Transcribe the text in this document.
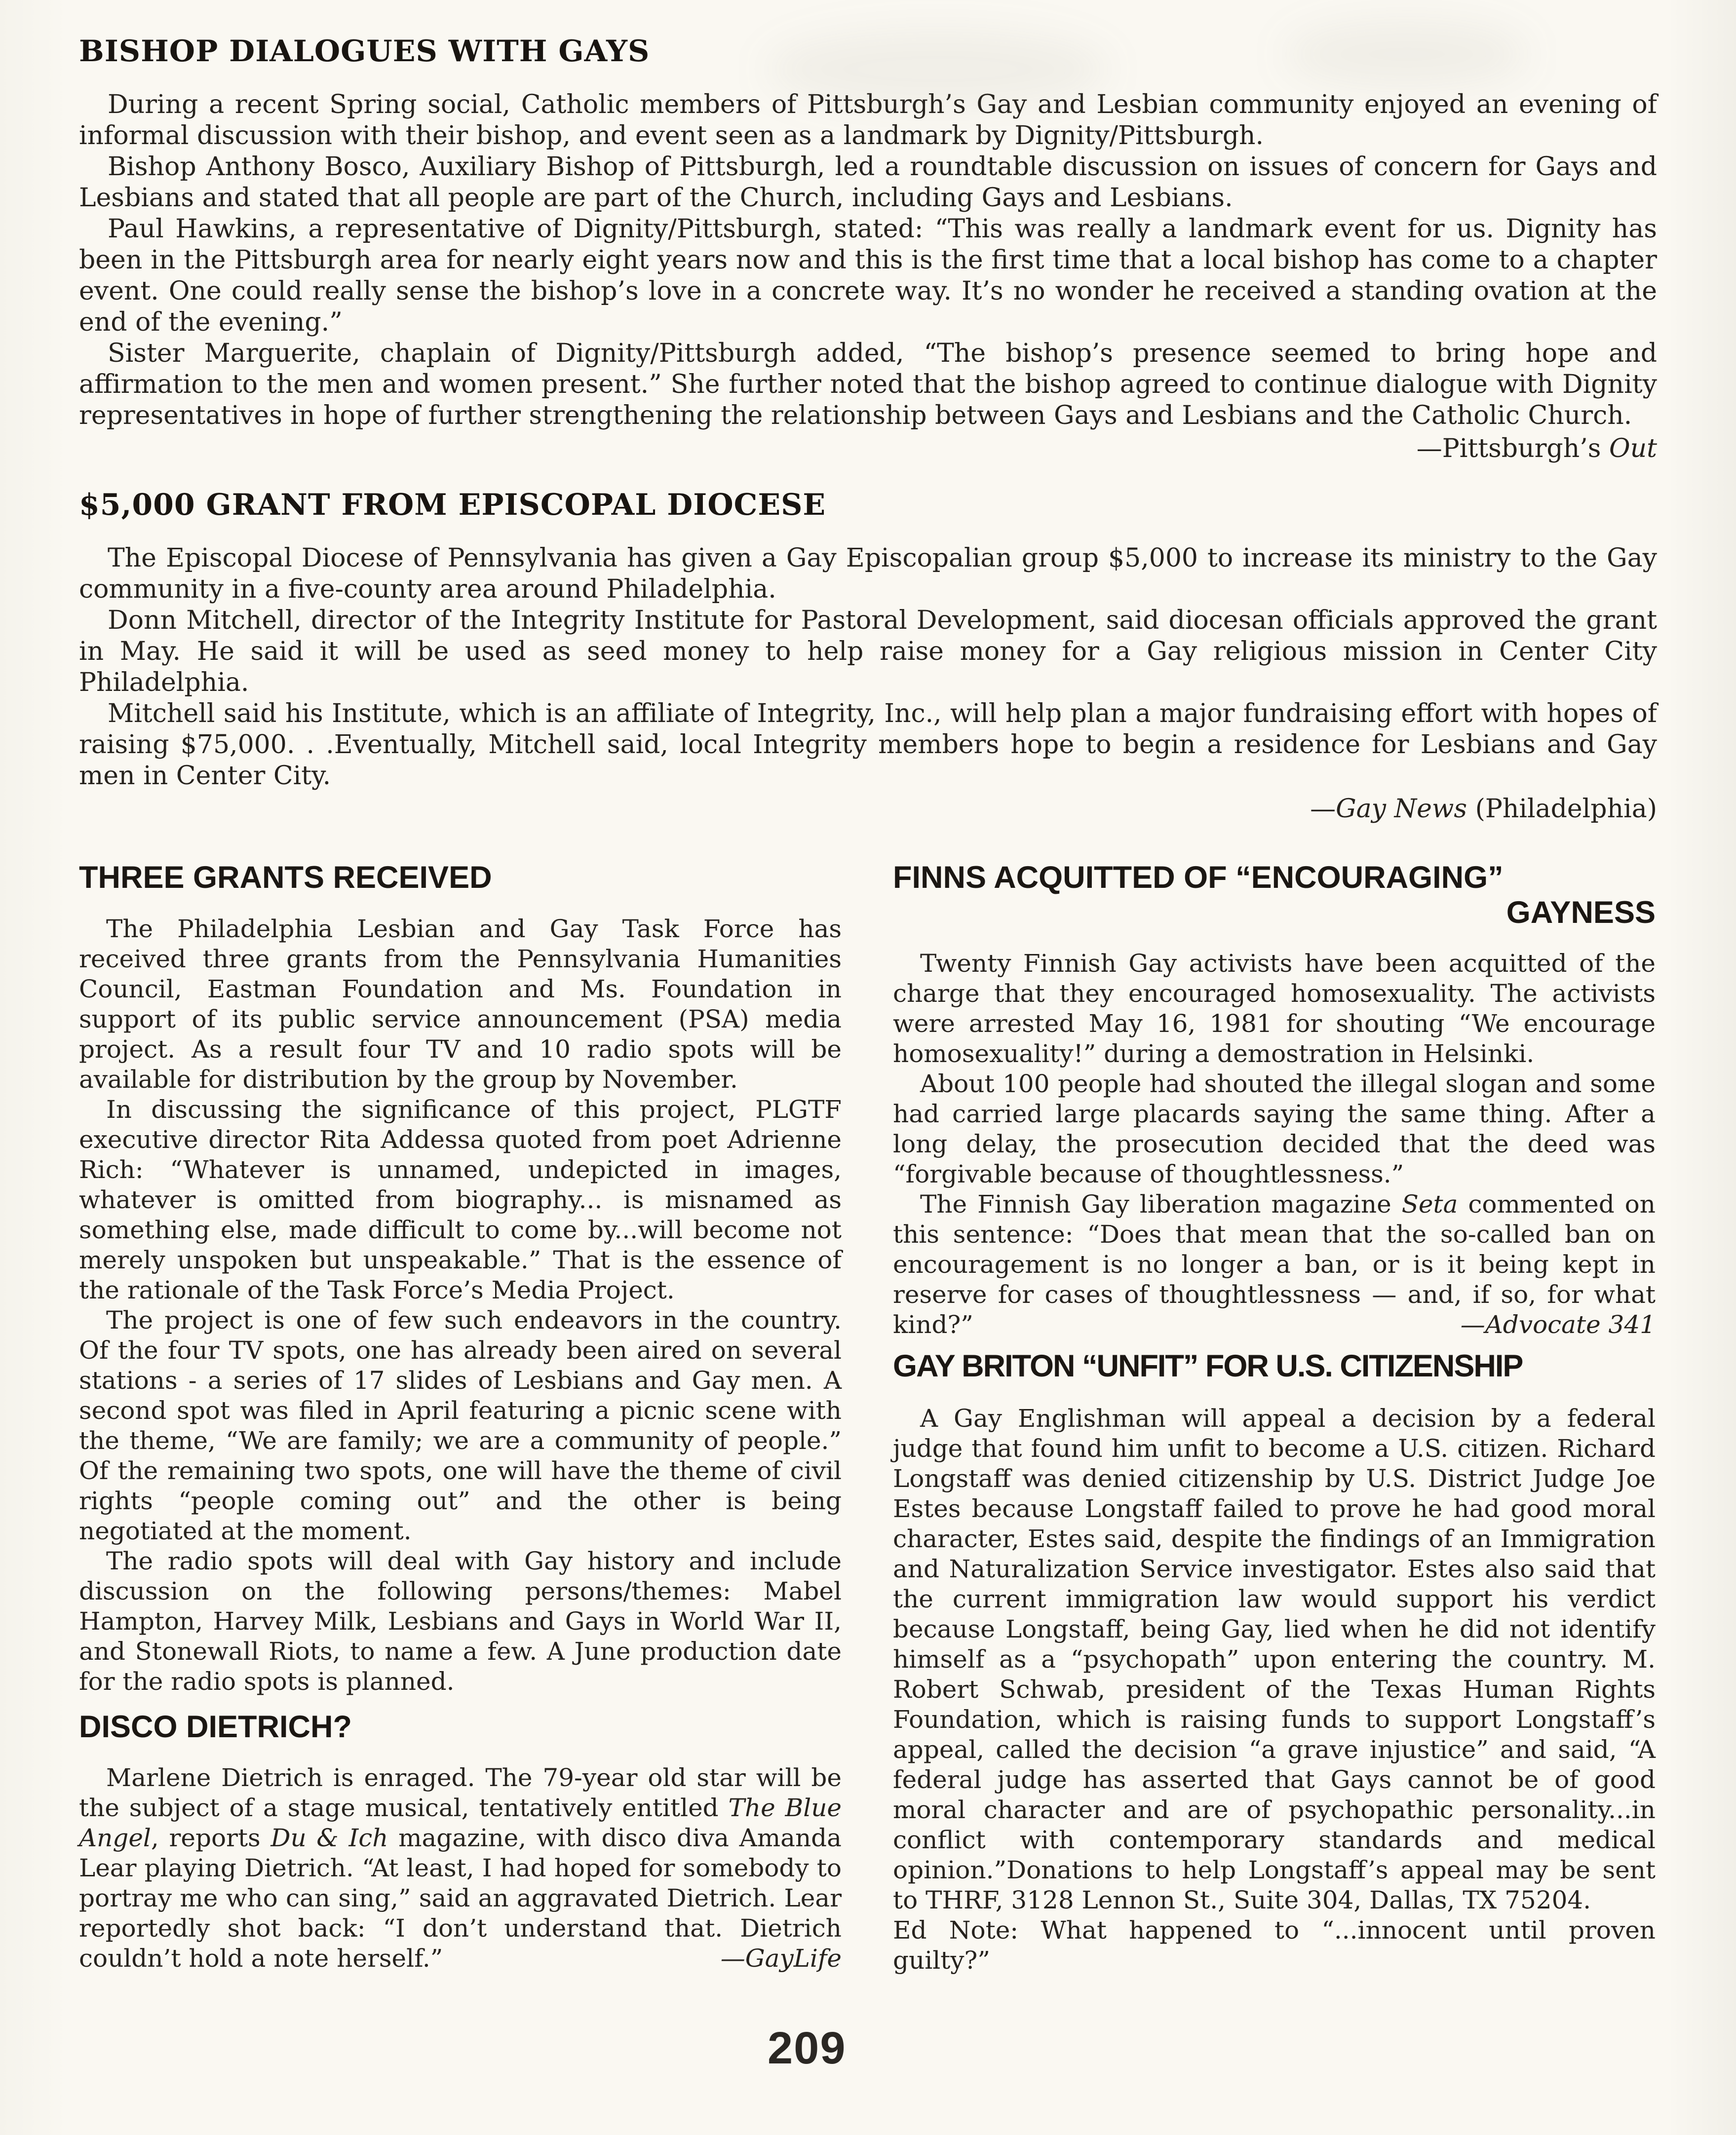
BISHOP DIALOGUES WITH GAYS

During a recent Spring social, Catholic members of Pittsburgh’s Gay and Lesbian community enjoyed an evening of informal discussion with their bishop, and event seen as a landmark by Dignity/Pittsburgh.

Bishop Anthony Bosco, Auxiliary Bishop of Pittsburgh, led a roundtable discussion on issues of concern for Gays and Lesbians and stated that all people are part of the Church, including Gays and Lesbians.

Paul Hawkins, a representative of Dignity/Pittsburgh, stated: “This was really a landmark event for us. Dignity has been in the Pittsburgh area for nearly eight years now and this is the first time that a local bishop has come to a chapter event. One could really sense the bishop’s love in a concrete way. It’s no wonder he received a standing ovation at the end of the evening.”

Sister Marguerite, chaplain of Dignity/Pittsburgh added, “The bishop’s presence seemed to bring hope and affirmation to the men and women present.” She further noted that the bishop agreed to continue dialogue with Dignity representatives in hope of further strengthening the relationship between Gays and Lesbians and the Catholic Church.

—Pittsburgh’s Out
$5,000 GRANT FROM EPISCOPAL DIOCESE

The Episcopal Diocese of Pennsylvania has given a Gay Episcopalian group $5,000 to increase its ministry to the Gay community in a five-county area around Philadelphia.

Donn Mitchell, director of the Integrity Institute for Pastoral Development, said diocesan officials approved the grant in May. He said it will be used as seed money to help raise money for a Gay religious mission in Center City Philadelphia.

Mitchell said his Institute, which is an affiliate of Integrity, Inc., will help plan a major fundraising effort with hopes of raising $75,000. . .Eventually, Mitchell said, local Integrity members hope to begin a residence for Lesbians and Gay men in Center City.

—Gay News (Philadelphia)
THREE GRANTS RECEIVED

The Philadelphia Lesbian and Gay Task Force has received three grants from the Pennsylvania Humanities Council, Eastman Foundation and Ms. Foundation in support of its public service announcement (PSA) media project. As a result four TV and 10 radio spots will be available for distribution by the group by November.

In discussing the significance of this project, PLGTF executive director Rita Addessa quoted from poet Adrienne Rich: “Whatever is unnamed, undepicted in images, whatever is omitted from biography... is misnamed as something else, made difficult to come by...will become not merely unspoken but unspeakable.” That is the essence of the rationale of the Task Force’s Media Project.

The project is one of few such endeavors in the country. Of the four TV spots, one has already been aired on several stations - a series of 17 slides of Lesbians and Gay men. A second spot was filed in April featuring a picnic scene with the theme, “We are family; we are a community of people.” Of the remaining two spots, one will have the theme of civil rights “people coming out” and the other is being negotiated at the moment.

The radio spots will deal with Gay history and include discussion on the following persons/themes: Mabel Hampton, Harvey Milk, Lesbians and Gays in World War II, and Stonewall Riots, to name a few. A June production date for the radio spots is planned.

DISCO DIETRICH?

Marlene Dietrich is enraged. The 79-year old star will be the subject of a stage musical, tentatively entitled The Blue Angel, reports Du & Ich magazine, with disco diva Amanda Lear playing Dietrich. “At least, I had hoped for somebody to portray me who can sing,” said an aggravated Dietrich. Lear reportedly shot back: “I don’t understand that. Dietrich couldn’t hold a note herself.”	—GayLife
FINNS ACQUITTED OF “ENCOURAGING”
GAYNESS

Twenty Finnish Gay activists have been acquitted of the charge that they encouraged homosexuality. The activists were arrested May 16, 1981 for shouting “We encourage homosexuality!” during a demostration in Helsinki.

About 100 people had shouted the illegal slogan and some had carried large placards saying the same thing. After a long delay, the prosecution decided that the deed was “forgivable because of thoughtlessness.”

The Finnish Gay liberation magazine Seta commented on this sentence: “Does that mean that the so-called ban on encouragement is no longer a ban, or is it being kept in reserve for cases of thoughtlessness — and, if so, for what kind?”	—Advocate 341
GAY BRITON “UNFIT” FOR U.S. CITIZENSHIP

A Gay Englishman will appeal a decision by a federal judge that found him unfit to become a U.S. citizen. Richard Longstaff was denied citizenship by U.S. District Judge Joe Estes because Longstaff failed to prove he had good moral character, Estes said, despite the findings of an Immigration and Naturalization Service investigator. Estes also said that the current immigration law would support his verdict because Longstaff, being Gay, lied when he did not identify himself as a “psychopath” upon entering the country. M. Robert Schwab, president of the Texas Human Rights Foundation, which is raising funds to support Longstaff’s appeal, called the decision “a grave injustice” and said, “A federal judge has asserted that Gays cannot be of good moral character and are of psychopathic personality...in conflict with contemporary standards and medical opinion.”Donations to help Longstaff’s appeal may be sent to THRF, 3128 Lennon St., Suite 304, Dallas, TX 75204.

Ed Note: What happened to “...innocent until proven guilty?”

209
